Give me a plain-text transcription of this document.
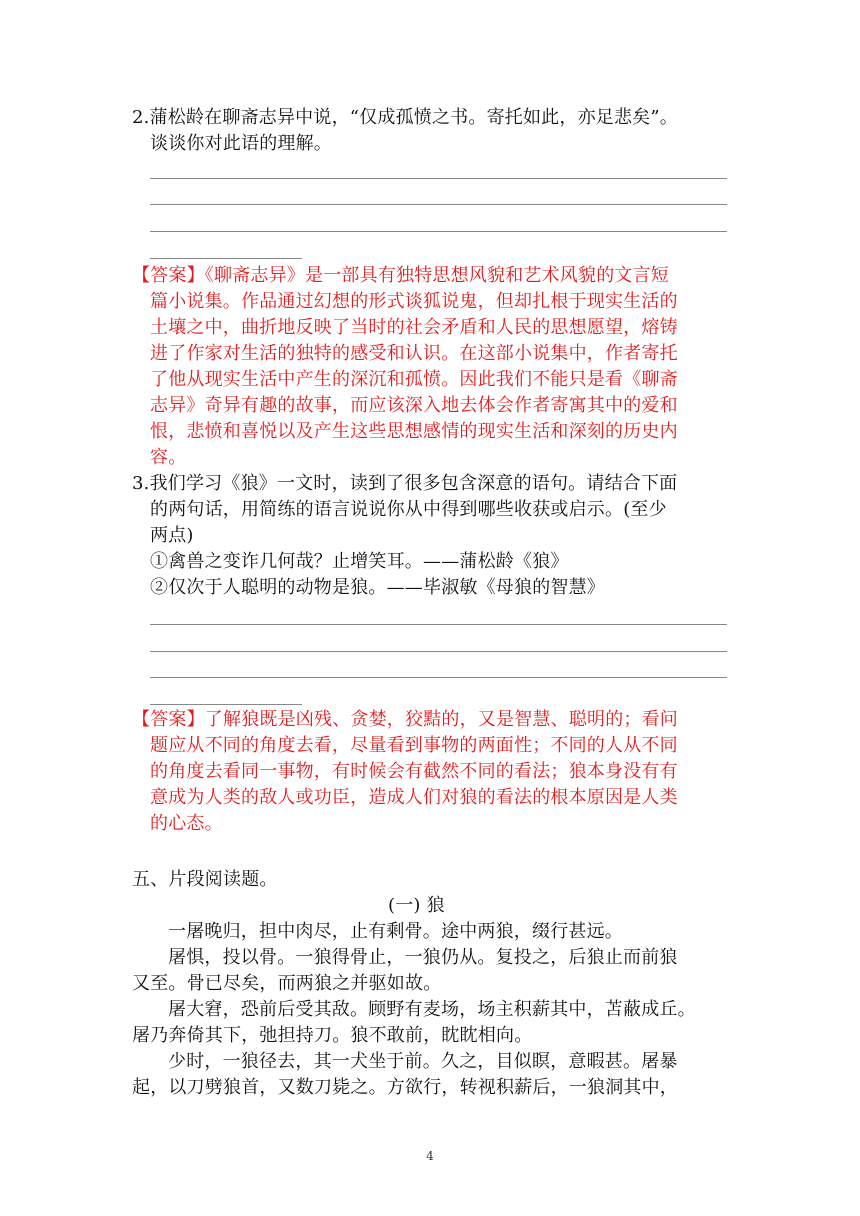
2.蒲松龄在聊斋志异中说，“仅成孤愤之书。寄托如此，亦足悲矣”。
谈谈你对此语的理解。
【答案】《聊斋志异》是一部具有独特思想风貌和艺术风貌的文言短
篇小说集。作品通过幻想的形式谈狐说鬼，但却扎根于现实生活的
土壤之中，曲折地反映了当时的社会矛盾和人民的思想愿望，熔铸
进了作家对生活的独特的感受和认识。在这部小说集中，作者寄托
了他从现实生活中产生的深沉和孤愤。因此我们不能只是看《聊斋
志异》奇异有趣的故事，而应该深入地去体会作者寄寓其中的爱和
恨，悲愤和喜悦以及产生这些思想感情的现实生活和深刻的历史内
容。
3.我们学习《狼》一文时，读到了很多包含深意的语句。请结合下面
的两句话，用简练的语言说说你从中得到哪些收获或启示。(至少
两点)
①禽兽之变诈几何哉？止增笑耳。——蒲松龄《狼》
②仅次于人聪明的动物是狼。——毕淑敏《母狼的智慧》
【答案】了解狼既是凶残、贪婪，狡黠的，又是智慧、聪明的；看问
题应从不同的角度去看，尽量看到事物的两面性；不同的人从不同
的角度去看同一事物，有时候会有截然不同的看法；狼本身没有有
意成为人类的敌人或功臣，造成人们对狼的看法的根本原因是人类
的心态。
五、片段阅读题。
(一) 狼
一屠晚归，担中肉尽，止有剩骨。途中两狼，缀行甚远。
屠惧，投以骨。一狼得骨止，一狼仍从。复投之，后狼止而前狼
又至。骨已尽矣，而两狼之并驱如故。
屠大窘，恐前后受其敌。顾野有麦场，场主积薪其中，苫蔽成丘。
屠乃奔倚其下，弛担持刀。狼不敢前，眈眈相向。
少时，一狼径去，其一犬坐于前。久之，目似瞑，意暇甚。屠暴
起，以刀劈狼首，又数刀毙之。方欲行，转视积薪后，一狼洞其中，
4
